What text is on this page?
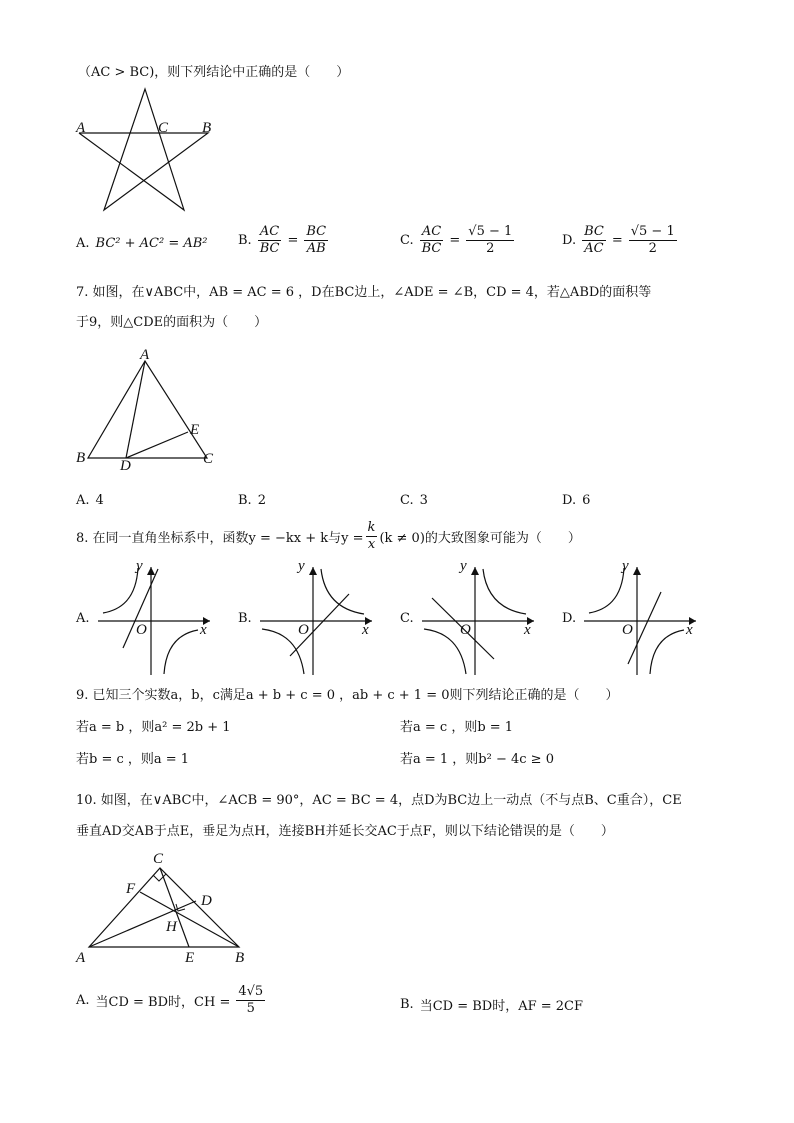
（AC > BC)，则下列结论中正确的是（　　）
A	C B
A. BC² + AC² = AB² B. $\frac{AC}{BC} = \frac{BC}{AB}$	C. $\frac{AC}{BC} = \frac{√5 - 1}{2}$	D. $\frac{BC}{AC} = \frac{√5 - 1}{2}$
7. 如图，在∨ABC中，AB = AC = 6 ，D在BC边上，∠ADE = ∠B，CD = 4，若△ABD的面积等
于9，则△CDE的面积为（　　）
A
B	C
D
E
A. 4	B. 2	C. 3	D. 6
8. 在同一直角坐标系中，函数y = −kx + k与$y = \frac{k}{x} (k \ne 0)$的大致图象可能为（　　）
y
x
O
y
x
O
y
x
O
y
x
O
A.	B.	C.	D.
9. 已知三个实数a，b，c满足a + b + c = 0 ，ab + c + 1 = 0则下列结论正确的是（　　）
若a = b ，则a² = 2b + 1	若a = c ，则b = 1
若b = c ，则a = 1	若a = 1 ，则b² − 4c ≥ 0
10. 如图，在∨ABC中，∠ACB = 90°，AC = BC = 4，点D为BC边上一动点（不与点B、C重合），CE
垂直AD交AB于点E，垂足为点H，连接BH并延长交AC于点F，则以下结论错误的是（　　）
C
F
D
H
A	E	B
A. 当CD = BD时，CH = $\frac{4√5}{5}$	B. 当CD = BD时，AF = 2CF
